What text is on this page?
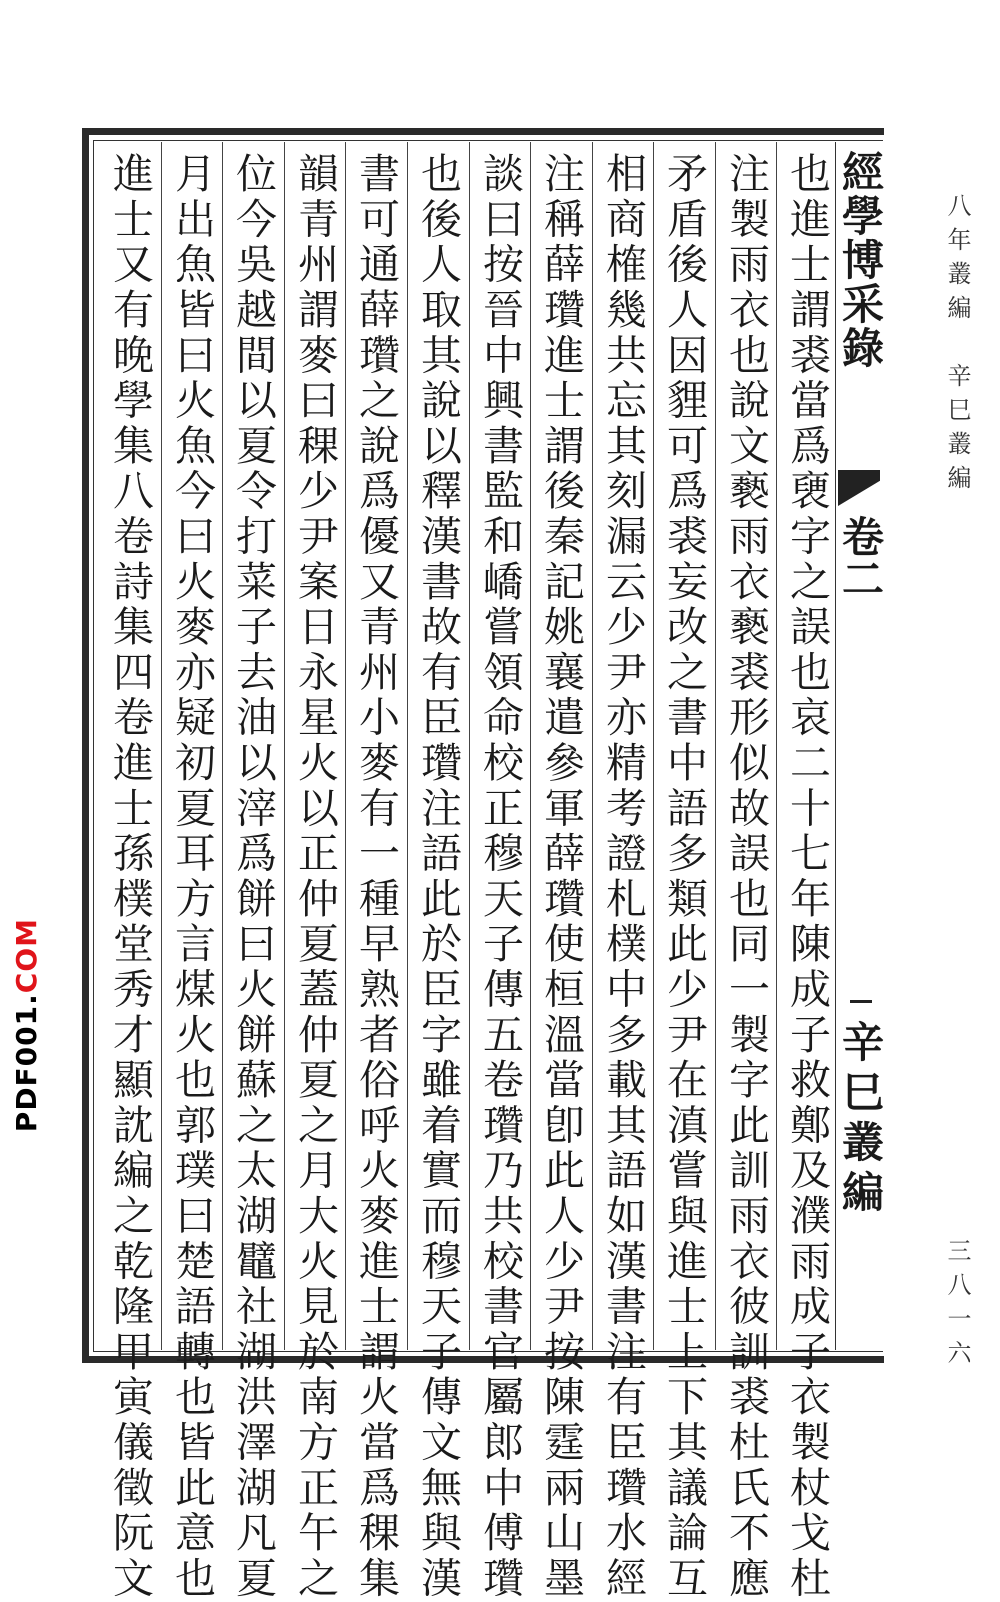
也進士謂裘當爲褏字之誤也哀二十七年陳成子救鄭及濮雨成子衣製杖戈杜
注製雨衣也說文褻雨衣褻裘形似故誤也同一製字此訓雨衣彼訓裘杜氏不應
矛盾後人因貍可爲裘妄改之書中語多類此少尹在滇嘗與進士上下其議論互
相商榷幾共忘其刻漏云少尹亦精考證札樸中多載其語如漢書注有臣瓚水經
注稱薛瓚進士謂後秦記姚襄遣參軍薛瓚使桓溫當卽此人少尹按陳霆兩山墨
談曰按晉中興書監和嶠嘗領命校正穆天子傳五卷瓚乃共校書官屬郎中傅瓚
也後人取其說以釋漢書故有臣瓚注語此於臣字雖着實而穆天子傳文無與漢
書可通薛瓚之說爲優又青州小麥有一種早熟者俗呼火麥進士謂火當爲稞集
韻青州謂麥曰稞少尹案日永星火以正仲夏蓋仲夏之月大火見於南方正午之
位今吳越間以夏令打菜子去油以滓爲餅曰火餅蘇之太湖鼊社湖洪澤湖凡夏
月出魚皆曰火魚今曰火麥亦疑初夏耳方言煤火也郭璞曰楚語轉也皆此意也
進士又有晚學集八卷詩集四卷進士孫樸堂秀才顯訦編之乾隆甲寅儀徵阮文	經學博采錄
卷二
辛巳叢編
八年叢編　辛巳叢編
三八一六
PDF001.COM
